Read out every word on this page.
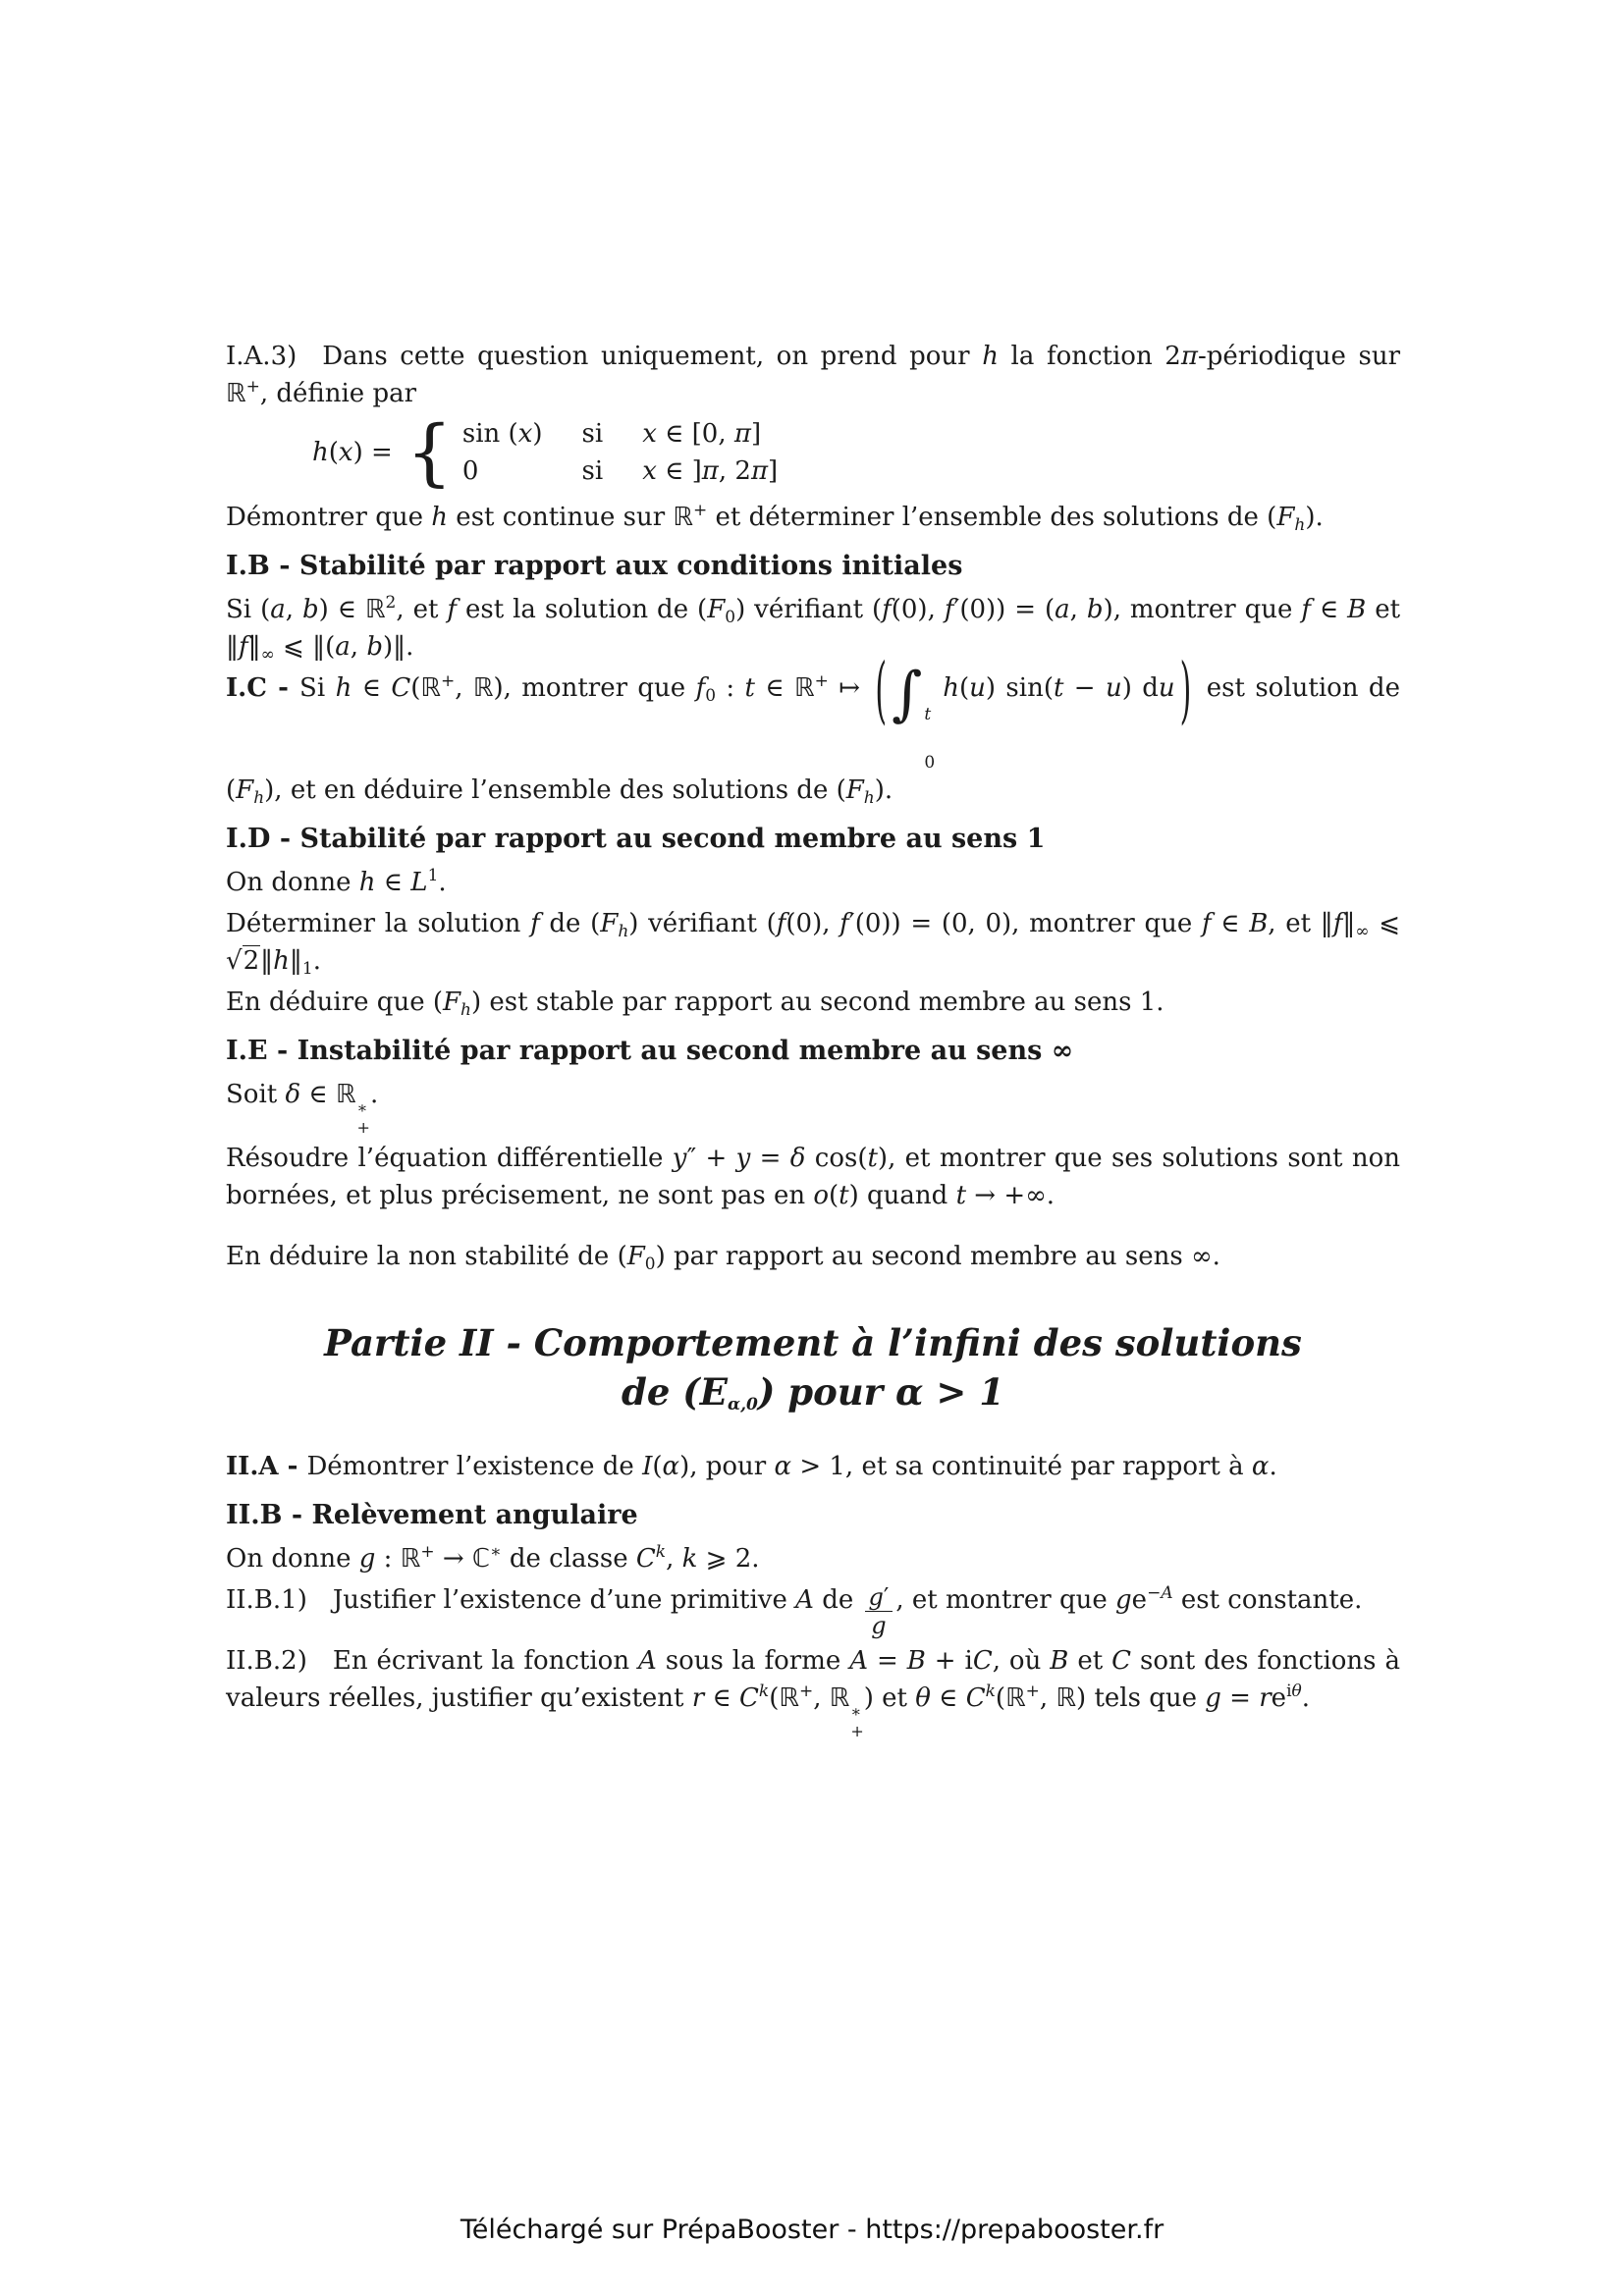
I.A.3) Dans cette question uniquement, on prend pour h la fonction 2π-périodique sur ℝ+, définie par

h(x) = { sin (x) si x ∈ [0, π]
0	si x ∈ ]π, 2π]

Démontrer que h est continue sur ℝ+ et déterminer l’ensemble des solutions de $(F_h)$.

I.B - Stabilité par rapport aux conditions initiales

Si (a, b) ∈ ℝ$^2$, et f est la solution de $(F_0)$ vérifiant (f(0), f′(0)) = (a, b), montrer que f ∈ B et $‖f‖_\infty$ ⩽ ‖(a, b)‖.

I.C - Si h ∈ C(ℝ+, ℝ), montrer que $f_0$ : t ∈ ℝ+ ↦ (∫ t
0
h(u) sin(t − u) du ) est solution de $(F_h)$, et en déduire l’ensemble des solutions de $(F_h)$.

I.D - Stabilité par rapport au second membre au sens 1

On donne h ∈ $L^1$.

Déterminer la solution f de $(F_h)$ vérifiant (f(0), f′(0)) = (0, 0), montrer que f ∈ B, et $‖f‖_\infty$ ⩽ $√2‖h‖_1$.

En déduire que $(F_h)$ est stable par rapport au second membre au sens 1.

I.E - Instabilité par rapport au second membre au sens ∞

Soit δ ∈ ℝ ∗
+
.

Résoudre l’équation différentielle y″ + y = δ cos(t), et montrer que ses solutions sont non bornées, et plus précisement, ne sont pas en o(t) quand t → +∞.

En déduire la non stabilité de $(F_0)$ par rapport au second membre au sens ∞.

Partie II - Comportement à l’infini des solutions
de $(E_{\alpha,0})$ pour α > 1

II.A - Démontrer l’existence de I(α), pour α > 1, et sa continuité par rapport à α.

II.B - Relèvement angulaire

On donne g : ℝ+ → ℂ∗ de classe $C^k$, k ⩾ 2.

II.B.1) Justifier l’existence d’une primitive A de $\frac{g'}{g}$ , et montrer que $ge^{-A}$ est constante.

II.B.2) En écrivant la fonction A sous la forme A = B + iC, où B et C sont des fonctions à valeurs réelles, justifier qu’existent r ∈ $C^k(ℝ^+$, ℝ ∗
+
) et θ ∈ $C^k(ℝ^+$, ℝ) tels que $g = re^{i\theta}$.

Téléchargé sur PrépaBooster - https://prepabooster.fr
